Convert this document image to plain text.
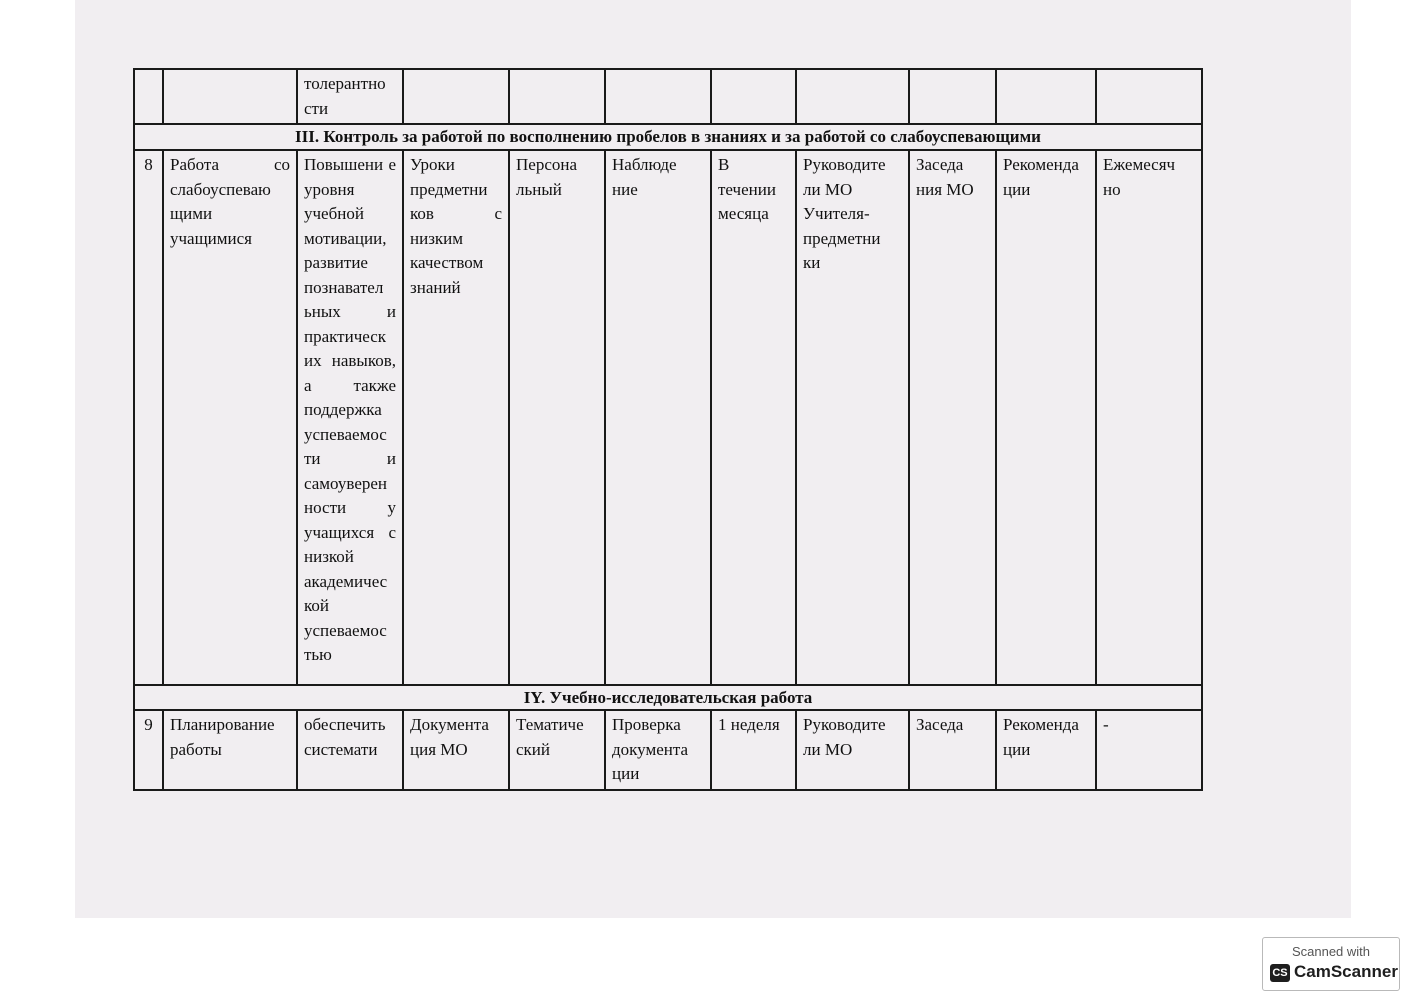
		толерантно
сти								

III. Контроль за работой по восполнению пробелов в знаниях и за работой со слабоуспевающими										
8	Работа со слабоуспеваю щими учащимися	Повышени е уровня учебной мотивации, развитие познавател ьных и практическ их навыков, а также поддержка успеваемос ти и самоуверен ности у учащихся с низкой академичес кой успеваемос тью	Уроки предметни ков с низким качеством знаний	Персона льный	Наблюде ние	В течении месяца	Руководите ли МО Учителя-предметни ки	Заседа ния МО	Рекоменда ции	Ежемесяч но
IY. Учебно-исследовательская работа										
9	Планирование работы	обеспечить системати	Документа ция МО	Тематиче ский	Проверка документа ции	1 неделя	Руководите ли МО	Заседа	Рекоменда ции	-
Scanned with
CS CamScanner
